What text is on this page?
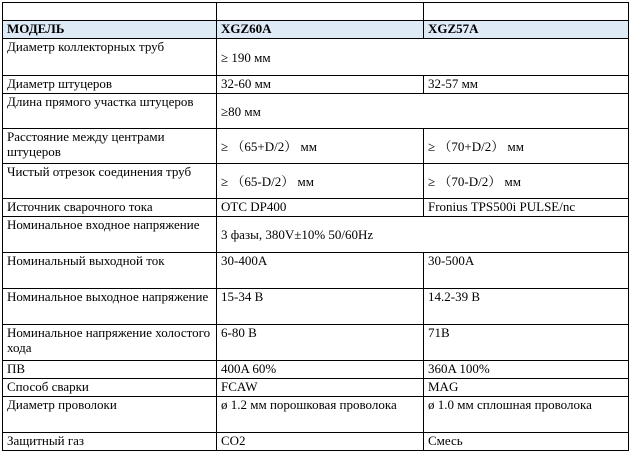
МОДЕЛЬ	XGZ60A	XGZ57A
Диаметр коллекторных труб	≥ 190 мм	
Диаметр штуцеров	32-60 мм	32-57 мм
Длина прямого участка штуцеров	≥80 мм	
Расстояние между центрами штуцеров	≥ （65+D/2） мм	≥ （70+D/2） мм
Чистый отрезок соединения труб	≥ （65-D/2） мм	≥ （70-D/2） мм
Источник сварочного тока	OTC DP400	Fronius TPS500i PULSE/nc
Номинальное входное напряжение	3 фазы, 380V±10% 50/60Hz	
Номинальный выходной ток	30-400A	30-500A
Номинальное выходное напряжение	15-34 В	14.2-39 В
Номинальное напряжение холостого хода	6-80 В	71В
ПВ	400A 60%	360A 100%
Способ сварки	FCAW	MAG
Диаметр проволоки	ø 1.2 мм порошковая проволока	ø 1.0 мм сплошная проволока
Защитный газ	CO2	Смесь
